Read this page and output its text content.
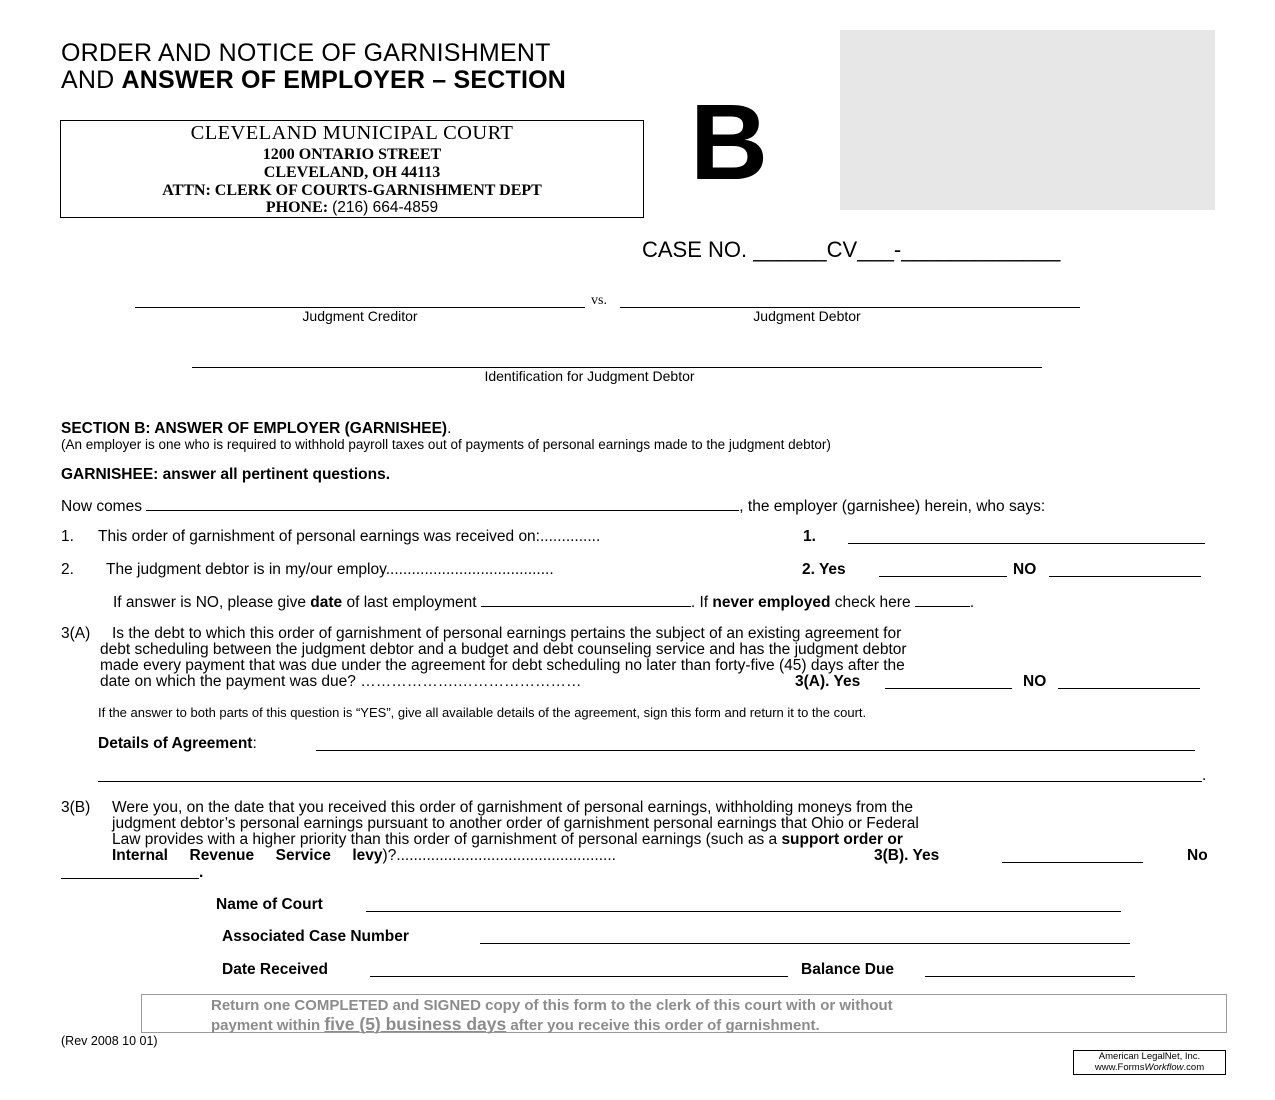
ORDER AND NOTICE OF GARNISHMENT
AND ANSWER OF EMPLOYER – SECTION
CLEVELAND MUNICIPAL COURT
1200 ONTARIO STREET
CLEVELAND, OH 44113
ATTN: CLERK OF COURTS-GARNISHMENT DEPT
PHONE: (216) 664-4859
B
CASE NO. ______CV___-_____________
vs.
Judgment Creditor	Judgment Debtor
Identification for Judgment Debtor
SECTION B: ANSWER OF EMPLOYER (GARNISHEE).
(An employer is one who is required to withhold payroll taxes out of payments of personal earnings made to the judgment debtor)
GARNISHEE: answer all pertinent questions.
Now comes	, the employer (garnishee) herein, who says:
1. This order of garnishment of personal earnings was received on:..............	1.
2. The judgment debtor is in my/our employ.......................................	2. Yes	NO
If answer is NO, please give date of last employment	. If never employed check here	.
3(A) Is the debt to which this order of garnishment of personal earnings pertains the subject of an existing agreement for
debt scheduling between the judgment debtor and a budget and debt counseling service and has the judgment debtor
made every payment that was due under the agreement for debt scheduling no later than forty-five (45) days after the
date on which the payment was due? ……………….……………………	3(A). Yes	NO
If the answer to both parts of this question is “YES”, give all available details of the agreement, sign this form and return it to the court.
Details of Agreement:
.
3(B) Were you, on the date that you received this order of garnishment of personal earnings, withholding moneys from the
judgment debtor’s personal earnings pursuant to another order of garnishment personal earnings that Ohio or Federal
Law provides with a higher priority than this order of garnishment of personal earnings (such as a support order or
Internal     Revenue     Service     levy)?...................................................	3(B). Yes	No
.
Name of Court
Associated Case Number
Date Received	Balance Due
Return one COMPLETED and SIGNED copy of this form to the clerk of this court with or without
payment within five (5) business days after you receive this order of garnishment.
(Rev 2008 10 01)
American LegalNet, Inc.
www.FormsWorkflow.com
